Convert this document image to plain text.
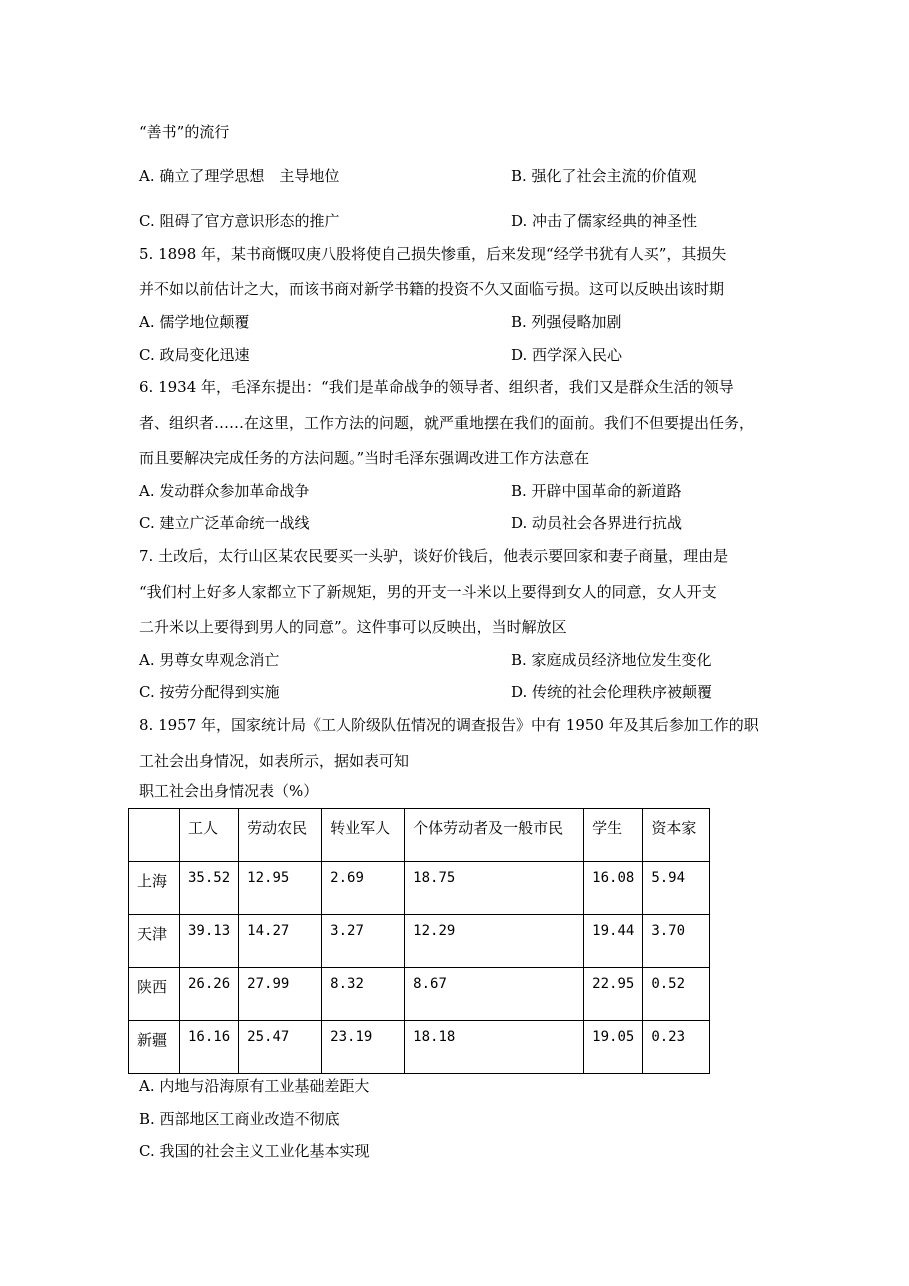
“善书”的流行
A. 确立了理学思想　主导地位	B. 强化了社会主流的价值观
C. 阻碍了官方意识形态的推广	D. 冲击了儒家经典的神圣性
5. 1898 年，某书商慨叹庚八股将使自己损失惨重，后来发现“经学书犹有人买”，其损失
并不如以前估计之大，而该书商对新学书籍的投资不久又面临亏损。这可以反映出该时期
A. 儒学地位颠覆	B. 列强侵略加剧
C. 政局变化迅速	D. 西学深入民心
6. 1934 年，毛泽东提出：“我们是革命战争的领导者、组织者，我们又是群众生活的领导
者、组织者……在这里，工作方法的问题，就严重地摆在我们的面前。我们不但要提出任务，
而且要解决完成任务的方法问题。”当时毛泽东强调改进工作方法意在
A. 发动群众参加革命战争	B. 开辟中国革命的新道路
C. 建立广泛革命统一战线	D. 动员社会各界进行抗战
7. 土改后，太行山区某农民要买一头驴，谈好价钱后，他表示要回家和妻子商量，理由是
“我们村上好多人家都立下了新规矩，男的开支一斗米以上要得到女人的同意，女人开支
二升米以上要得到男人的同意”。这件事可以反映出，当时解放区
A. 男尊女卑观念消亡	B. 家庭成员经济地位发生变化
C. 按劳分配得到实施	D. 传统的社会伦理秩序被颠覆
8. 1957 年，国家统计局《工人阶级队伍情况的调查报告》中有 1950 年及其后参加工作的职
工社会出身情况，如表所示，据如表可知
职工社会出身情况表（%）
	工人	劳动农民	转业军人	个体劳动者及一般市民	学生	资本家
上海	35.52	12.95	2.69	18.75	16.08	5.94
天津	39.13	14.27	3.27	12.29	19.44	3.70
陕西	26.26	27.99	8.32	8.67	22.95	0.52
新疆	16.16	25.47	23.19	18.18	19.05	0.23
A. 内地与沿海原有工业基础差距大
B. 西部地区工商业改造不彻底
C. 我国的社会主义工业化基本实现
